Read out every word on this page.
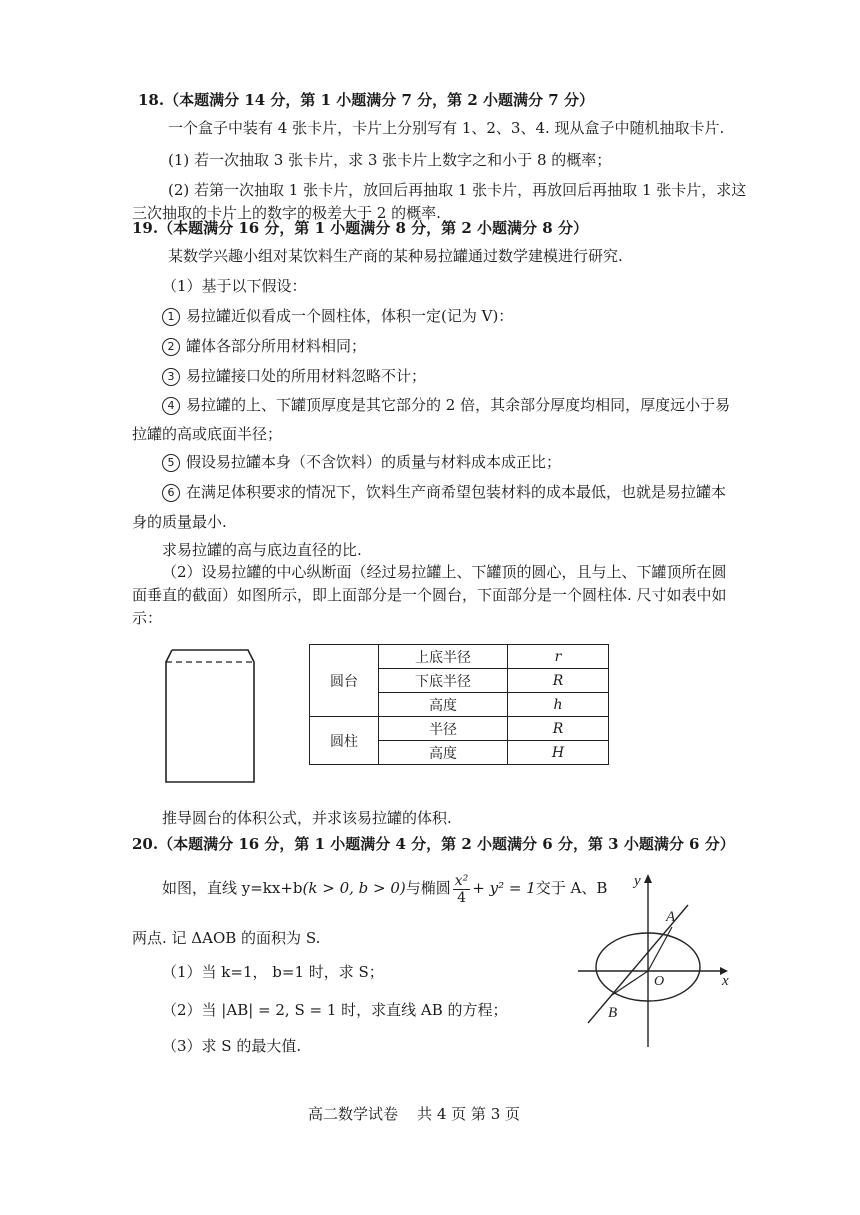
18.（本题满分 14 分，第 1 小题满分 7 分，第 2 小题满分 7 分）
一个盒子中装有 4 张卡片，卡片上分别写有 1、2、3、4. 现从盒子中随机抽取卡片.
(1) 若一次抽取 3 张卡片，求 3 张卡片上数字之和小于 8 的概率；
(2) 若第一次抽取 1 张卡片，放回后再抽取 1 张卡片，再放回后再抽取 1 张卡片，求这
三次抽取的卡片上的数字的极差大于 2 的概率.
19.（本题满分 16 分，第 1 小题满分 8 分，第 2 小题满分 8 分）
某数学兴趣小组对某饮料生产商的某种易拉罐通过数学建模进行研究.
（1）基于以下假设：
1 易拉罐近似看成一个圆柱体，体积一定(记为 V)：
2 罐体各部分所用材料相同；
3 易拉罐接口处的所用材料忽略不计；
4 易拉罐的上、下罐顶厚度是其它部分的 2 倍，其余部分厚度均相同，厚度远小于易
拉罐的高或底面半径；
5 假设易拉罐本身（不含饮料）的质量与材料成本成正比；
6 在满足体积要求的情况下，饮料生产商希望包装材料的成本最低，也就是易拉罐本
身的质量最小.
求易拉罐的高与底边直径的比.
（2）设易拉罐的中心纵断面（经过易拉罐上、下罐顶的圆心，且与上、下罐顶所在圆
面垂直的截面）如图所示，即上面部分是一个圆台，下面部分是一个圆柱体. 尺寸如表中如
示：
圆台	上底半径	r
	下底半径	R
	高度	h
圆柱	半径	R
	高度	H
推导圆台的体积公式，并求该易拉罐的体积.
20.（本题满分 16 分，第 1 小题满分 4 分，第 2 小题满分 6 分，第 3 小题满分 6 分）
如图，直线 y=kx+b(k > 0, b > 0)与椭圆 $\frac{\text{x²}}{4} + y^2 = 1$交于 A、B
两点. 记 ΔAOB 的面积为 S.
（1）当 k=1， b=1 时，求 S；
（2）当 |AB| = 2, S = 1 时，求直线 AB 的方程；
（3）求 S 的最大值.
y
x
A
B
O
高二数学试卷    共 4 页 第 3 页
